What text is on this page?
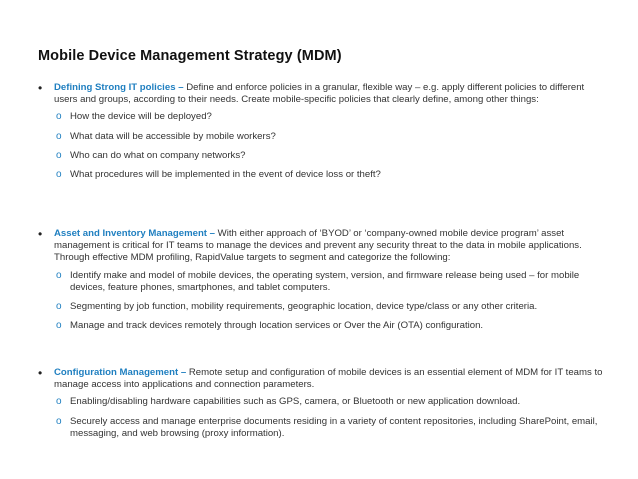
Mobile Device Management Strategy (MDM)
• Defining Strong IT policies – Define and enforce policies in a granular, flexible way – e.g. apply different policies to different users and groups, according to their needs. Create mobile-specific policies that clearly define, among other things:
o How the device will be deployed?
o What data will be accessible by mobile workers?
o Who can do what on company networks?
o What procedures will be implemented in the event of device loss or theft?
• Asset and Inventory Management – With either approach of ‘BYOD’ or ‘company-owned mobile device program’ asset management is critical for IT teams to manage the devices and prevent any security threat to the data in mobile applications. Through effective MDM profiling, RapidValue targets to segment and categorize the following:
o Identify make and model of mobile devices, the operating system, version, and firmware release being used – for mobile devices, feature phones, smartphones, and tablet computers.
o Segmenting by job function, mobility requirements, geographic location, device type/class or any other criteria.
o Manage and track devices remotely through location services or Over the Air (OTA) configuration.
• Configuration Management – Remote setup and configuration of mobile devices is an essential element of MDM for IT teams to manage access into applications and connection parameters.
o Enabling/disabling hardware capabilities such as GPS, camera, or Bluetooth or new application download.
o Securely access and manage enterprise documents residing in a variety of content repositories, including SharePoint, email, messaging, and web browsing (proxy information).
